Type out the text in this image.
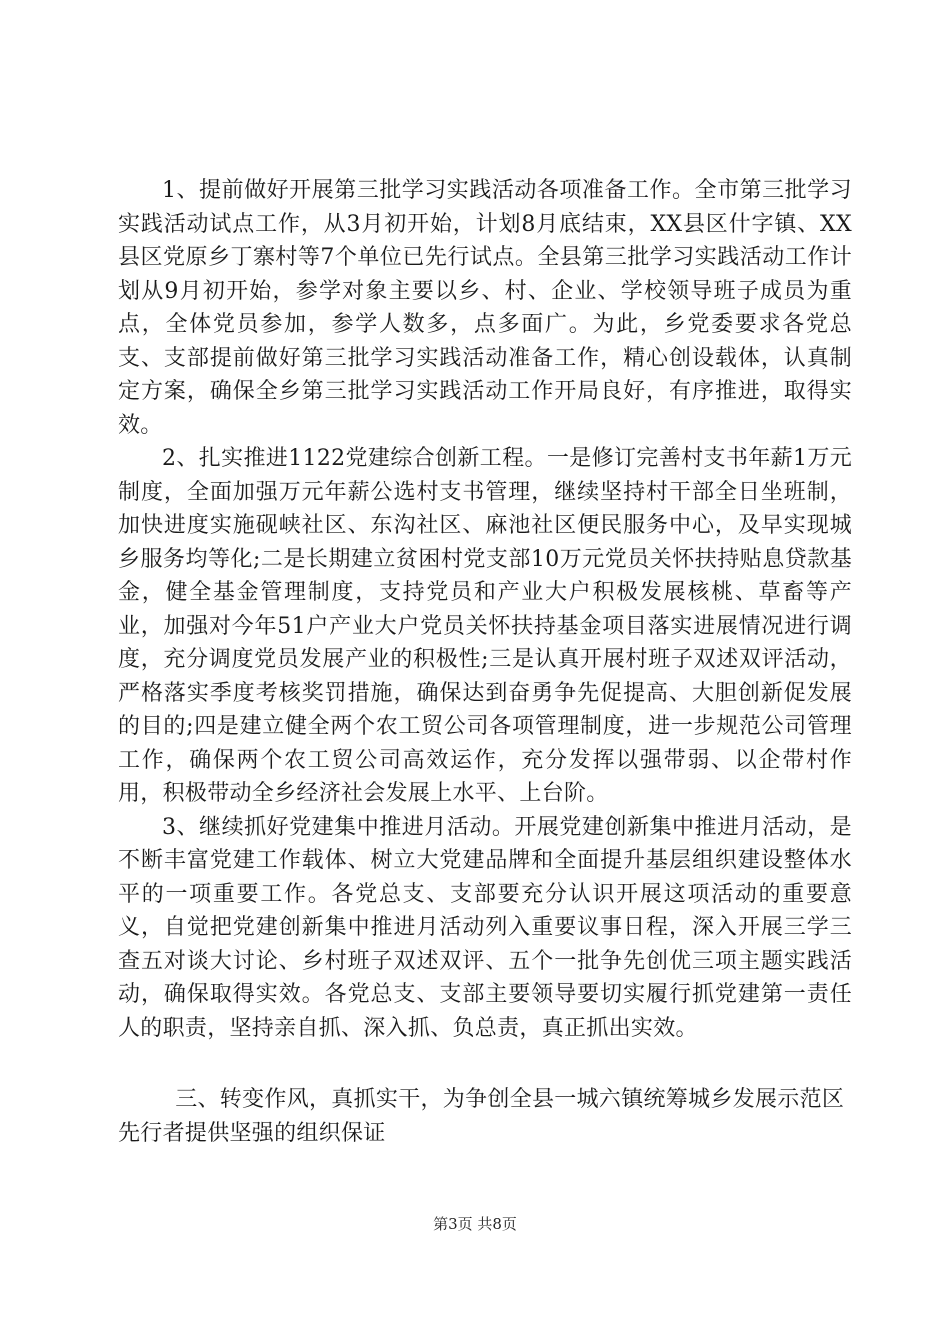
1、提前做好开展第三批学习实践活动各项准备工作。全市第三批学习实践活动试点工作，从3月初开始，计划8月底结束，XX县区什字镇、XX县区党原乡丁寨村等7个单位已先行试点。全县第三批学习实践活动工作计划从9月初开始，参学对象主要以乡、村、企业、学校领导班子成员为重点，全体党员参加，参学人数多，点多面广。为此，乡党委要求各党总支、支部提前做好第三批学习实践活动准备工作，精心创设载体，认真制定方案，确保全乡第三批学习实践活动工作开局良好，有序推进，取得实效。

2、扎实推进1122党建综合创新工程。一是修订完善村支书年薪1万元制度，全面加强万元年薪公选村支书管理，继续坚持村干部全日坐班制，加快进度实施砚峡社区、东沟社区、麻池社区便民服务中心，及早实现城乡服务均等化;二是长期建立贫困村党支部10万元党员关怀扶持贴息贷款基金，健全基金管理制度，支持党员和产业大户积极发展核桃、草畜等产业，加强对今年51户产业大户党员关怀扶持基金项目落实进展情况进行调度，充分调度党员发展产业的积极性;三是认真开展村班子双述双评活动，严格落实季度考核奖罚措施，确保达到奋勇争先促提高、大胆创新促发展的目的;四是建立健全两个农工贸公司各项管理制度，进一步规范公司管理工作，确保两个农工贸公司高效运作，充分发挥以强带弱、以企带村作用，积极带动全乡经济社会发展上水平、上台阶。

3、继续抓好党建集中推进月活动。开展党建创新集中推进月活动，是不断丰富党建工作载体、树立大党建品牌和全面提升基层组织建设整体水平的一项重要工作。各党总支、支部要充分认识开展这项活动的重要意义，自觉把党建创新集中推进月活动列入重要议事日程，深入开展三学三查五对谈大讨论、乡村班子双述双评、五个一批争先创优三项主题实践活动，确保取得实效。各党总支、支部主要领导要切实履行抓党建第一责任人的职责，坚持亲自抓、深入抓、负总责，真正抓出实效。

三、转变作风，真抓实干，为争创全县一城六镇统筹城乡发展示范区先行者提供坚强的组织保证

第3页 共8页
